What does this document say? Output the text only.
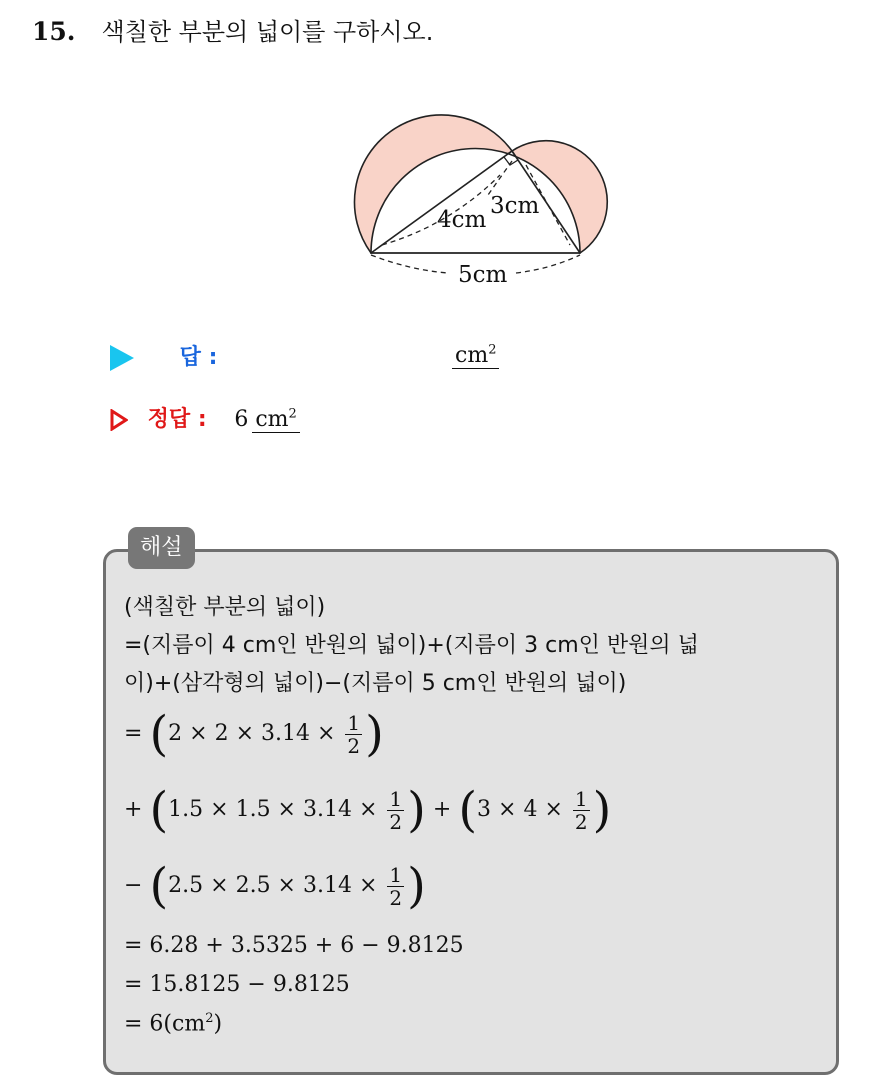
15. 색칠한 부분의 넓이를 구하시오.
4cm
3cm
5cm
답 :	$cm^2$
정답 : 6 $cm^2$
해설
(색칠한 부분의 넓이)
=(지름이 4 cm인 반원의 넓이)+(지름이 3 cm인 반원의 넓
이)+(삼각형의 넓이)−(지름이 5 cm인 반원의 넓이)
= ($2 \times 2 \times 3.14 \times \frac{1}{2}$ )
+ ($1.5 \times 1.5 \times 3.14 \times \frac{1}{2}$ ) + ($3 \times 4 \times \frac{1}{2}$ )
− ($2.5 \times 2.5 \times 3.14 \times \frac{1}{2}$ )
= 6.28 + 3.5325 + 6 − 9.8125
= 15.8125 − 9.8125
= $6(cm^2)$
